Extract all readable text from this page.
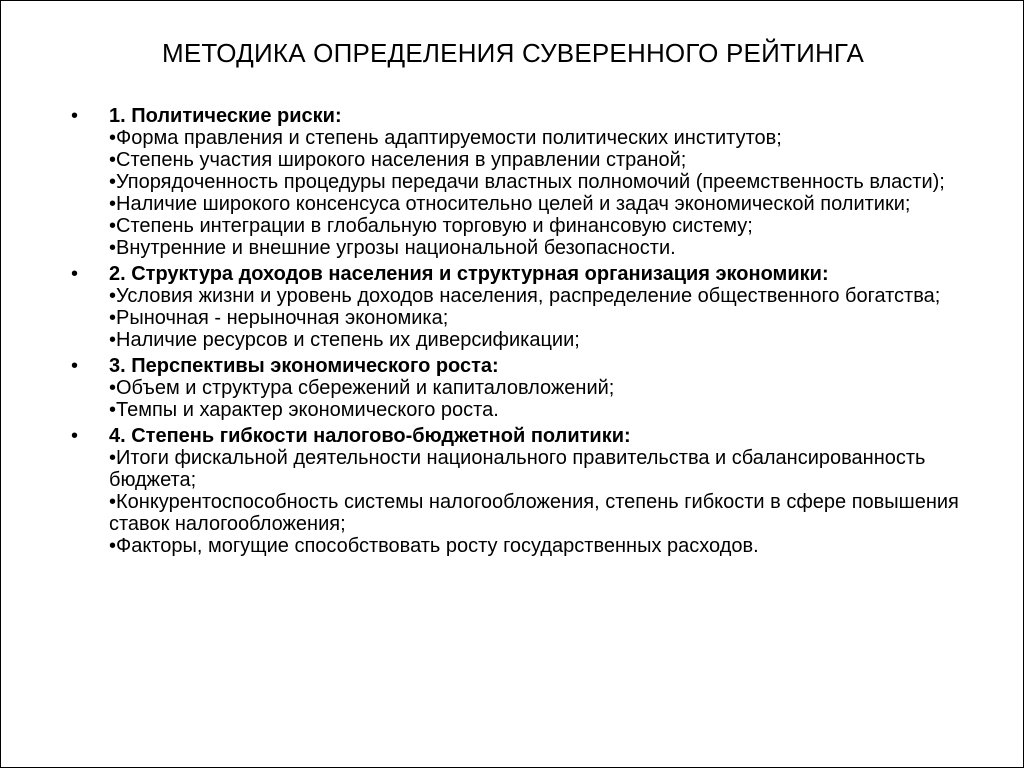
МЕТОДИКА ОПРЕДЕЛЕНИЯ СУВЕРЕННОГО РЕЙТИНГА
• 1. Политические риски:
•Форма правления и степень адаптируемости политических институтов;
•Степень участия широкого населения в управлении страной;
•Упорядоченность процедуры передачи властных полномочий (преемственность власти);
•Наличие широкого консенсуса относительно целей и задач экономической политики;
•Степень интеграции в глобальную торговую и финансовую систему;
•Внутренние и внешние угрозы национальной безопасности.
• 2. Структура доходов населения и структурная организация экономики:
•Условия жизни и уровень доходов населения, распределение общественного богатства;
•Рыночная - нерыночная экономика;
•Наличие ресурсов и степень их диверсификации;
• 3. Перспективы экономического роста:
•Объем и структура сбережений и капиталовложений;
•Темпы и характер экономического роста.
• 4. Степень гибкости налогово-бюджетной политики:
•Итоги фискальной деятельности национального правительства и сбалансированность бюджета;
•Конкурентоспособность системы налогообложения, степень гибкости в сфере повышения ставок налогообложения;
•Факторы, могущие способствовать росту государственных расходов.
